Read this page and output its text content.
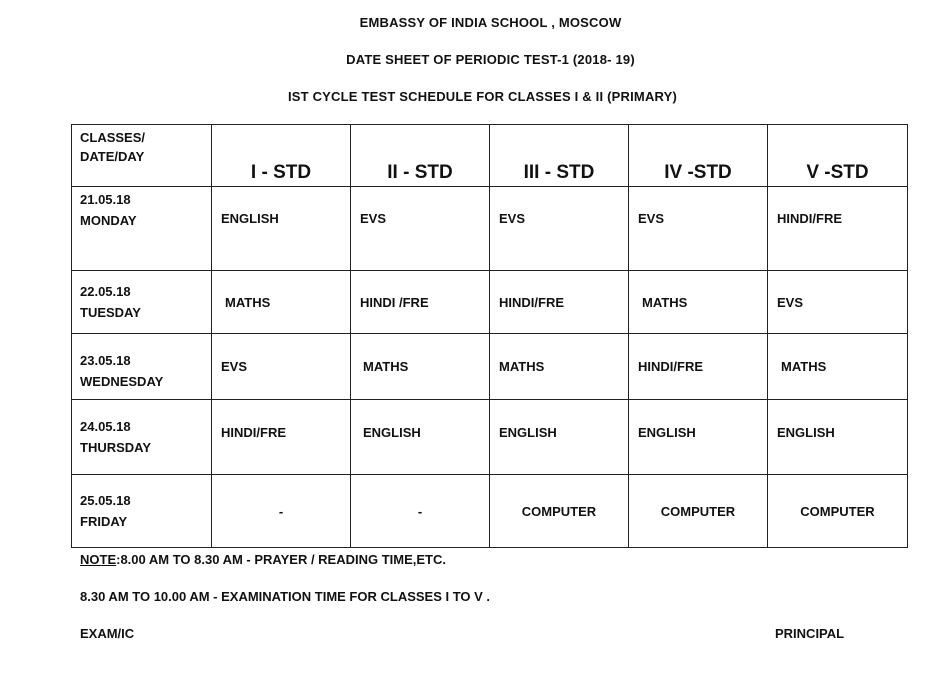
EMBASSY OF INDIA SCHOOL , MOSCOW
DATE SHEET OF PERIODIC TEST-1 (2018- 19)
IST CYCLE TEST SCHEDULE FOR CLASSES I & II (PRIMARY)
CLASSES/
DATE/DAY	I - STD	II - STD	III - STD	IV -STD	V -STD

21.05.18
MONDAY	ENGLISH	EVS	EVS	EVS	HINDI/FRE

22.05.18
TUESDAY	MATHS	HINDI /FRE	HINDI/FRE	MATHS	EVS

23.05.18
WEDNESDAY	EVS	MATHS	MATHS	HINDI/FRE	MATHS

24.05.18
THURSDAY	HINDI/FRE	ENGLISH	ENGLISH	ENGLISH	ENGLISH

25.05.18
FRIDAY	-	-	COMPUTER	COMPUTER	COMPUTER
NOTE:8.00 AM TO 8.30 AM - PRAYER / READING TIME,ETC.
8.30 AM TO 10.00 AM - EXAMINATION TIME FOR CLASSES I TO V .
EXAM/IC	PRINCIPAL
